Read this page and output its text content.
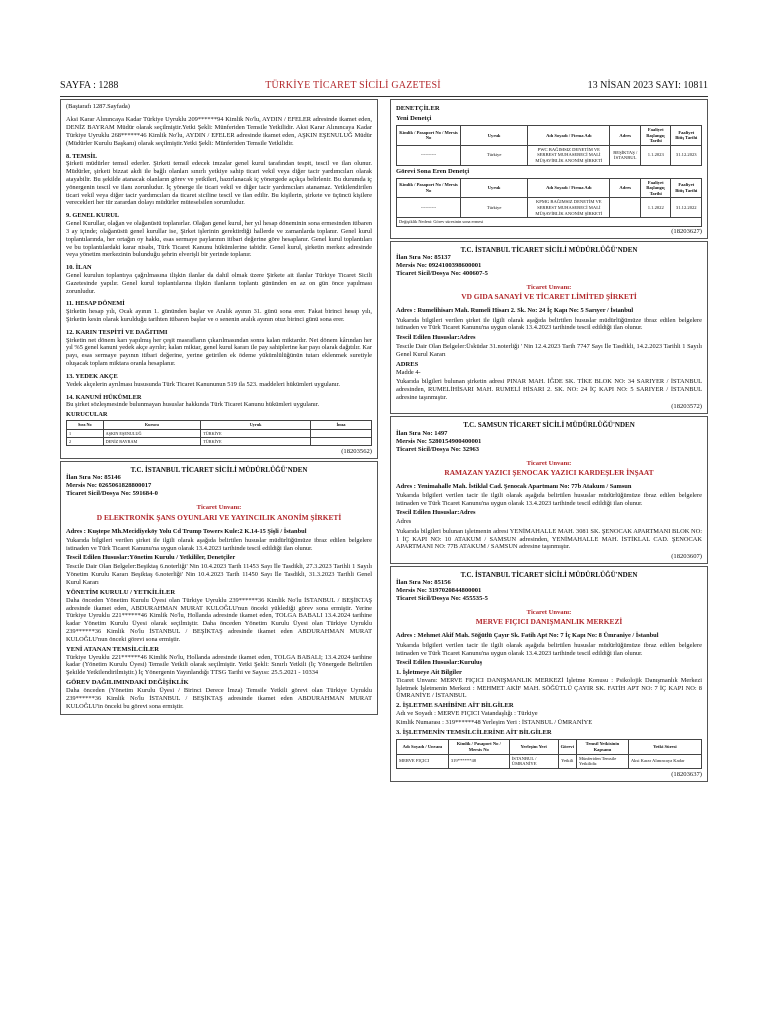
SAYFA : 1288	TÜRKİYE TİCARET SİCİLİ GAZETESİ	13 NİSAN 2023 SAYI: 10811

(Baştarafı 1287.Sayfada)

Aksi Karar Alınıncaya Kadar Türkiye Uyruklu 209******94 Kimlik No'lu, AYDIN / EFELER adresinde ikamet eden, DENİZ BAYRAM Müdür olarak seçilmiştir.Yetki Şekli: Münferiden Temsile Yetkilidir. Aksi Karar Alınıncaya Kadar Türkiye Uyruklu 268******46 Kimlik No'lu, AYDIN / EFELER adresinde ikamet eden, AŞKIN EŞENULUĞ Müdür (Müdürler Kurulu Başkanı) olarak seçilmiştir.Yetki Şekli: Münferiden Temsile Yetkilidir.

8. TEMSİL

Şirketi müdürler temsil ederler. Şirketi temsil edecek imzalar genel kurul tarafından tespit, tescil ve ilan olunur. Müdürler, şirketi bizzat akdi ile bağlı olanları sınırlı yetkiye sahip ticari vekil veya diğer tacir yardımcıları olarak atayabilir. Bu şekilde atanacak olanların görev ve yetkileri, hazırlanacak iç yönergede açıkça belirlenir. Bu durumda iç yönergenin tescil ve ilanı zorunludur. İç yönerge ile ticari vekil ve diğer tacir yardımcıları atanamaz. Yetkilendirilen ticari vekil veya diğer tacir yardımcıları da ticaret siciline tescil ve ilan edilir. Bu kişilerin, şirkete ve üçüncü kişilere verecekleri her tür zarardan dolayı müdürler müteselsilen sorumludur.

9. GENEL KURUL

Genel Kurullar, olağan ve olağanüstü toplanırlar. Olağan genel kurul, her yıl hesap döneminin sona ermesinden itibaren 3 ay içinde; olağanüstü genel kurullar ise, Şirket işlerinin gerektirdiği hallerde ve zamanlarda toplanır. Genel kurul toplantılarında, her ortağın oy hakkı, esas sermaye paylarının itibari değerine göre hesaplanır. Genel kurul toplantıları ve bu toplantılardaki karar nisabı, Türk Ticaret Kanunu hükümlerine tabidir. Genel kurul, şirketin merkez adresinde veya yönetim merkezinin bulunduğu şehrin elverişli bir yerinde toplanır.

10. İLAN

Genel kurulun toplantıya çağrılmasına ilişkin ilanlar da dahil olmak üzere Şirkete ait ilanlar Türkiye Ticaret Sicili Gazetesinde yapılır. Genel kurul toplantılarına ilişkin ilanların toplantı gününden en az on gün önce yapılması zorunludur.

11. HESAP DÖNEMİ

Şirketin hesap yılı, Ocak ayının 1. gününden başlar ve Aralık ayının 31. günü sona erer. Fakat birinci hesap yılı, Şirketin kesin olarak kurulduğu tarihten itibaren başlar ve o senenin aralık ayının otuz birinci günü sona erer.

12. KARIN TESPİTİ VE DAĞITIMI

Şirketin net dönem karı yapılmış her çeşit masrafların çıkarılmasından sonra kalan miktardır. Net dönem kârından her yıl %5 genel kanuni yedek akçe ayrılır; kalan miktar, genel kurul kararı ile pay sahiplerine kar payı olarak dağıtılır. Kar payı, esas sermaye payının itibari değerine, yerine getirilen ek ödeme yükümlülüğünün tutarı eklenmek suretiyle oluşacak toplam miktara oranla hesaplanır.

13. YEDEK AKÇE

Yedek akçelerin ayrılması hususunda Türk Ticaret Kanununun 519 ila 523. maddeleri hükümleri uygulanır.

14. KANUNİ HÜKÜMLER

Bu şirket sözleşmesinde bulunmayan hususlar hakkında Türk Ticaret Kanunu hükümleri uygulanır.

KURUCULAR
Sıra No	Kurucu	Uyruk	İmza
1	AŞKIN EŞENULUĞ	TÜRKİYE	
2	DENİZ BAYRAM	TÜRKİYE	
(18203562)
T.C. İSTANBUL TİCARET SİCİLİ MÜDÜRLÜĞÜ'NDEN
İlan Sıra No: 85146
Mersis No: 0265061828800017
Ticaret Sicil/Dosya No: 591684-0
Ticaret Unvanı:
D ELEKTRONİK ŞANS OYUNLARI VE YAYINCILIK ANONİM ŞİRKETİ

Adres : Kuştepe Mh.Mecidiyeköy Yolu Cd Trump Towers Kule:2 K.14-15 Şişli / İstanbul

Yukarıda bilgileri verilen şirket ile ilgili olarak aşağıda belirtilen hususlar müdürlüğümüze ibraz edilen belgelere istinaden ve Türk Ticaret Kanunu'na uygun olarak 13.4.2023 tarihinde tescil edildiği ilan olunur.

Tescil Edilen Hususlar:Yönetim Kurulu / Yetkililer, Denetçiler

Tescile Dair Olan Belgeler:Beşiktaş 6.noterliği' Nin 10.4.2023 Tarih 11453 Sayı İle Tasdikli, 27.3.2023 Tarihli 1 Sayılı Yönetim Kurulu Kararı Beşiktaş 6.noterliği' Nin 10.4.2023 Tarih 11450 Sayı İle Tasdikli, 31.3.2023 Tarihli Genel Kurul Kararı

YÖNETİM KURULU / YETKİLİLER

Daha önceden Yönetim Kurulu Üyesi olan Türkiye Uyruklu 239******36 Kimlik No'lu İSTANBUL / BEŞİKTAŞ adresinde ikamet eden, ABDURAHMAN MURAT KULOĞLU'nun önceki yüklediği görev sona ermiştir. Yerine Türkiye Uyruklu 221******46 Kimlik No'lu, Hollanda adresinde ikamet eden, TOLGA BABALI 13.4.2024 tarihine kadar Yönetim Kurulu Üyesi olarak seçilmiştir. Daha önceden Yönetim Kurulu Üyesi olan Türkiye Uyruklu 239******36 Kimlik No'lu İSTANBUL / BEŞİKTAŞ adresinde ikamet eden ABDURAHMAN MURAT KULOĞLU'nun önceki görevi sona ermiştir.

YENİ ATANAN TEMSİLCİLER

Türkiye Uyruklu 221******46 Kimlik No'lu, Hollanda adresinde ikamet eden, TOLGA BABALI; 13.4.2024 tarihine kadar (Yönetim Kurulu Üyesi) Temsile Yetkili olarak seçilmiştir. Yetki Şekli: Sınırlı Yetkili (İç Yönergede Belirtilen Şekilde Yetkilendirilmiştir.) İç Yönergenin Yayınlandığı TTSG Tarihi ve Sayısı: 25.5.2021 - 10334

GÖREV DAĞILIMINDAKİ DEĞİŞİKLİK

Daha önceden (Yönetim Kurulu Üyesi / Birinci Derece İmza) Temsile Yetkili görevi olan Türkiye Uyruklu 239******36 Kimlik No'lu İSTANBUL / BEŞİKTAŞ adresinde ikamet eden ABDURAHMAN MURAT KULOĞLU'in önceki bu görevi sona ermiştir.

DENETÇİLER
Yeni Denetçi
Kimlik / Pasaport No / Mersis No	Uyruk	Adı Soyadı / Firma Adı	Adres	Faaliyet Başlangıç Tarihi	Faaliyet Bitiş Tarihi
----------	Türkiye	PWC BAĞIMSIZ DENETİM VE SERBEST MUHASEBECİ MALİ MÜŞAVİRLİK ANONİM ŞİRKETİ	BEŞİKTAŞ / İSTANBUL	1.1.2023	31.12.2023
Görevi Sona Eren Denetçi
Kimlik / Pasaport No / Mersis No	Uyruk	Adı Soyadı / Firma Adı	Adres	Faaliyet Başlangıç Tarihi	Faaliyet Bitiş Tarihi
----------	Türkiye	KPMG BAĞIMSIZ DENETİM VE SERBEST MUHASEBECİ MALİ MÜŞAVİRLİK ANONİM ŞİRKETİ		1.1.2022	31.12.2022
Değişiklik Nedeni: Görev süresinin sona ermesi
(18203627)
T.C. İSTANBUL TİCARET SİCİLİ MÜDÜRLÜĞÜ'NDEN
İlan Sıra No: 85137
Mersis No: 0924100398600001
Ticaret Sicil/Dosya No: 400607-5
Ticaret Unvanı:
VD GIDA SANAYİ VE TİCARET LİMİTED ŞİRKETİ

Adres : Rumelihisarı Mah. Rumeli Hisarı 2. Sk. No: 24 İç Kapı No: 5 Sarıyer / İstanbul

Yukarıda bilgileri verilen şirket ile ilgili olarak aşağıda belirtilen hususlar müdürlüğümüze ibraz edilen belgelere istinaden ve Türk Ticaret Kanunu'na uygun olarak 13.4.2023 tarihinde tescil edildiği ilan olunur.

Tescil Edilen Hususlar:Adres

Tescile Dair Olan Belgeler:Üsküdar 31.noterliği ' Nin 12.4.2023 Tarih 7747 Sayı İle Tasdikli, 14.2.2023 Tarihli 1 Sayılı Genel Kurul Kararı

ADRES

Madde 4-

Yukarıda bilgileri bulunan şirketin adresi PINAR MAH. İĞDE SK. TİKE BLOK NO: 34 SARIYER / İSTANBUL adresinden, RUMELİHİSARI MAH. RUMELİ HİSARI 2. SK. NO: 24 İÇ KAPI NO: 5 SARIYER / İSTANBUL adresine taşınmıştır.

(18203572)
T.C. SAMSUN TİCARET SİCİLİ MÜDÜRLÜĞÜ'NDEN
İlan Sıra No: 1497
Mersis No: 5280154900400001
Ticaret Sicil/Dosya No: 32963
Ticaret Unvanı:
RAMAZAN YAZICI ŞENOCAK YAZICI KARDEŞLER İNŞAAT

Adres : Yenimahalle Mah. İstiklal Cad. Şenocak Apartmanı No: 77b Atakum / Samsun

Yukarıda bilgileri verilen tacir ile ilgili olarak aşağıda belirtilen hususlar müdürlüğümüze ibraz edilen belgelere istinaden ve Türk Ticaret Kanunu'na uygun olarak 13.4.2023 tarihinde tescil edildiği ilan olunur.

Tescil Edilen Hususlar:Adres

Adres

Yukarıda bilgileri bulunan işletmenin adresi YENİMAHALLE MAH. 3081 SK. ŞENOCAK APARTMANI BLOK NO: 1 İÇ KAPI NO: 10 ATAKUM / SAMSUN adresinden, YENİMAHALLE MAH. İSTİKLAL CAD. ŞENOCAK APARTMANI NO: 77B ATAKUM / SAMSUN adresine taşınmıştır.

(18203607)
T.C. İSTANBUL TİCARET SİCİLİ MÜDÜRLÜĞÜ'NDEN
İlan Sıra No: 85156
Mersis No: 3197020844800001
Ticaret Sicil/Dosya No: 455535-5
Ticaret Unvanı:
MERVE FIÇICI DANIŞMANLIK MERKEZİ

Adres : Mehmet Akif Mah. Söğütlü Çayır Sk. Fatih Apt No: 7 İç Kapı No: 8 Ümraniye / İstanbul

Yukarıda bilgileri verilen tacir ile ilgili olarak aşağıda belirtilen hususlar müdürlüğümüze ibraz edilen belgelere istinaden ve Türk Ticaret Kanunu'na uygun olarak 13.4.2023 tarihinde tescil edildiği ilan olunur.

Tescil Edilen Hususlar:Kuruluş

1. İşletmeye Ait Bilgiler

Ticaret Unvanı: MERVE FIÇICI DANIŞMANLIK MERKEZİ İşletme Konusu : Psikolojik Danışmanlık Merkezi İşletmek İşletmenin Merkezi : MEHMET AKİF MAH. SÖĞÜTLÜ ÇAYIR SK. FATİH APT NO: 7 İÇ KAPI NO: 8 ÜMRANİYE / İSTANBUL

2. İŞLETME SAHİBİNE AİT BİLGİLER

Adı ve Soyadı : MERVE FIÇICI Vatandaşlığı : Türkiye

Kimlik Numarası : 319******48 Yerleşim Yeri : İSTANBUL / ÜMRANİYE

3. İŞLETMENİN TEMSİLCİLERİNE AİT BİLGİLER
Adı Soyadı / Unvanı	Kimlik / Pasaport No / Mersis No	Yerleşim Yeri	Görevi	Temsil Yetkisinin Kapsamı	Yetki Süresi
MERVE FIÇICI	319******48	İSTANBUL / ÜMRANİYE	Yetkili	Münferiden Temsile Yetkilidir.	Aksi Karar Alınıncaya Kadar
(18203637)
